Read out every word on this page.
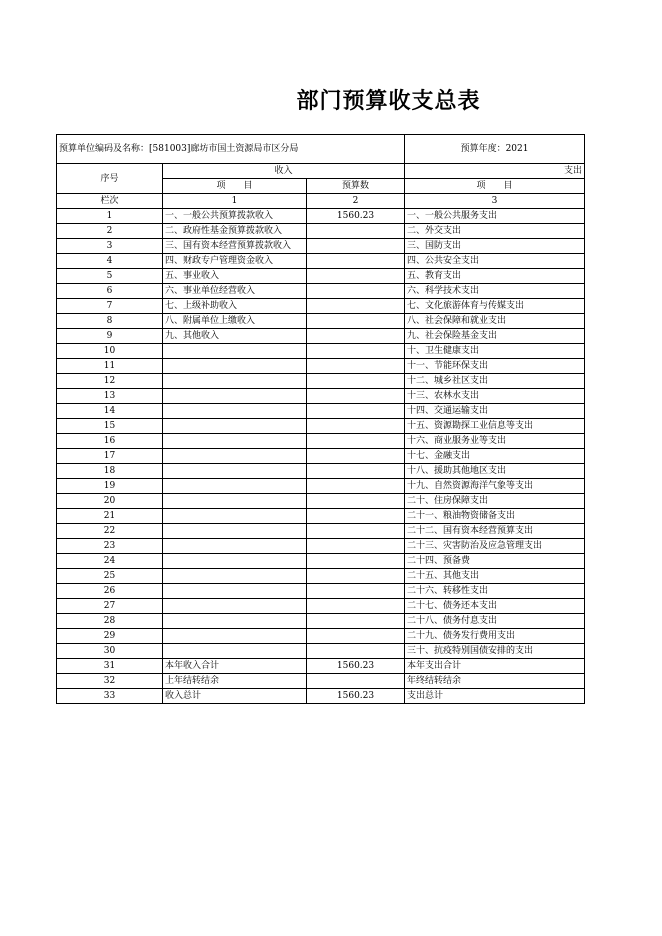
部门预算收支总表
预算单位编码及名称：[581003]廊坊市国土资源局市区分局			预算年度：2021
序号	收入		支出
	项　　目	预算数	项　　目
栏次	1	2	3
1	一、一般公共预算拨款收入	1560.23	一、一般公共服务支出
2	二、政府性基金预算拨款收入		二、外交支出
3	三、国有资本经营预算拨款收入		三、国防支出
4	四、财政专户管理资金收入		四、公共安全支出
5	五、事业收入		五、教育支出
6	六、事业单位经营收入		六、科学技术支出
7	七、上级补助收入		七、文化旅游体育与传媒支出
8	八、附属单位上缴收入		八、社会保障和就业支出
9	九、其他收入		九、社会保险基金支出
10			十、卫生健康支出
11			十一、节能环保支出
12			十二、城乡社区支出
13			十三、农林水支出
14			十四、交通运输支出
15			十五、资源勘探工业信息等支出
16			十六、商业服务业等支出
17			十七、金融支出
18			十八、援助其他地区支出
19			十九、自然资源海洋气象等支出
20			二十、住房保障支出
21			二十一、粮油物资储备支出
22			二十二、国有资本经营预算支出
23			二十三、灾害防治及应急管理支出
24			二十四、预备费
25			二十五、其他支出
26			二十六、转移性支出
27			二十七、债务还本支出
28			二十八、债务付息支出
29			二十九、债务发行费用支出
30			三十、抗疫特别国债安排的支出
31	本年收入合计	1560.23	本年支出合计
32	上年结转结余		年终结转结余
33	收入总计	1560.23	支出总计
